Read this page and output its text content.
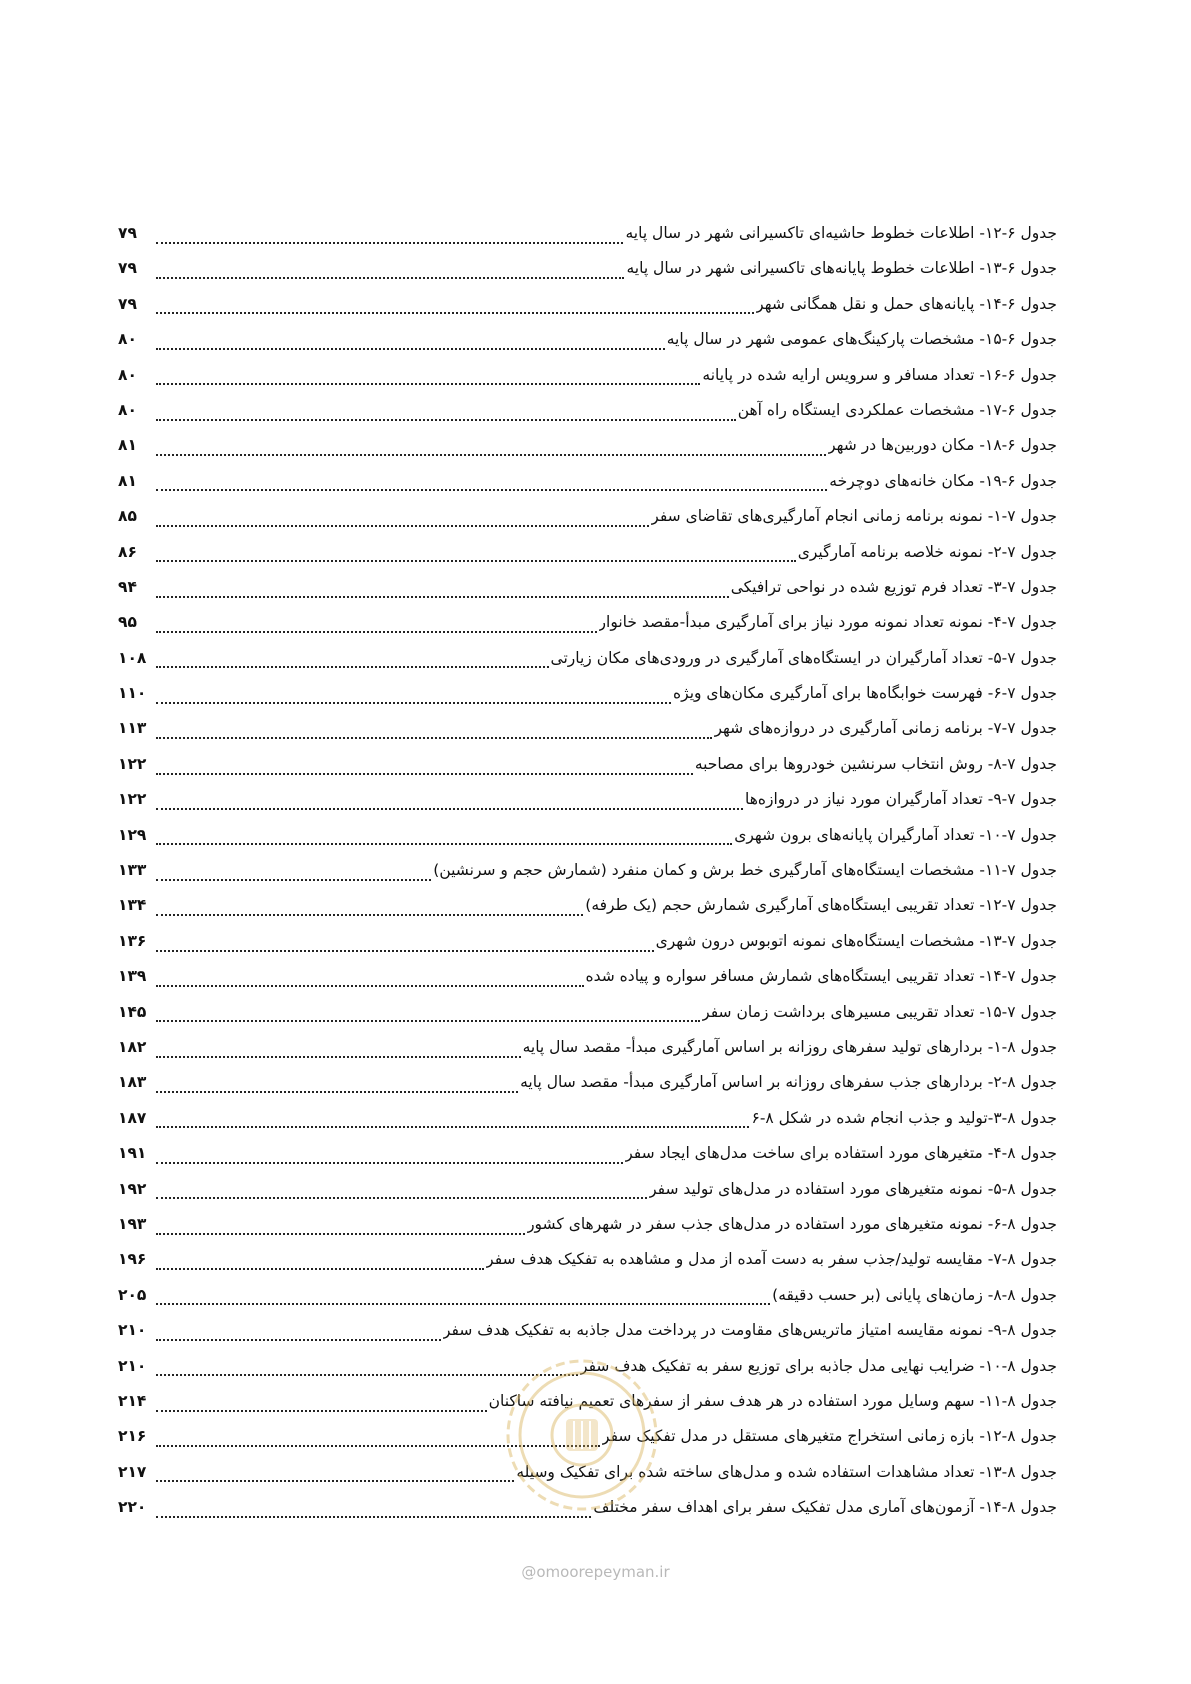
جدول ۶-۱۲- اطلاعات خطوط حاشیه‌ای تاکسیرانی شهر در سال پایه
۷۹
جدول ۶-۱۳- اطلاعات خطوط پایانه‌های تاکسیرانی شهر در سال پایه
۷۹
جدول ۶-۱۴- پایانه‌های حمل و نقل همگانی شهر
۷۹
جدول ۶-۱۵- مشخصات پارکینگ‌های عمومی شهر در سال پایه
۸۰
جدول ۶-۱۶- تعداد مسافر و سرویس ارایه شده در پایانه
۸۰
جدول ۶-۱۷- مشخصات عملکردی ایستگاه راه آهن
۸۰
جدول ۶-۱۸- مکان دوربین‌ها در شهر
۸۱
جدول ۶-۱۹- مکان خانه‌های دوچرخه
۸۱
جدول ۷-۱- نمونه برنامه زمانی انجام آمارگیری‌های تقاضای سفر
۸۵
جدول ۷-۲- نمونه خلاصه برنامه آمارگیری
۸۶
جدول ۷-۳- تعداد فرم توزیع شده در نواحی ترافیکی
۹۴
جدول ۷-۴- نمونه تعداد نمونه مورد نیاز برای آمارگیری مبدأ-مقصد خانوار
۹۵
جدول ۷-۵- تعداد آمارگیران در ایستگاه‌های آمارگیری در ورودی‌های مکان زیارتی
۱۰۸
جدول ۷-۶- فهرست خوابگاه‌ها برای آمارگیری مکان‌های ویژه
۱۱۰
جدول ۷-۷- برنامه زمانی آمارگیری در دروازه‌های شهر
۱۱۳
جدول ۷-۸- روش انتخاب سرنشین خودروها برای مصاحبه
۱۲۲
جدول ۷-۹- تعداد آمارگیران مورد نیاز در دروازه‌ها
۱۲۲
جدول ۷-۱۰- تعداد آمارگیران پایانه‌های برون شهری
۱۲۹
جدول ۷-۱۱- مشخصات ایستگاه‌های آمارگیری خط برش و کمان منفرد (شمارش حجم و سرنشین)
۱۳۳
جدول ۷-۱۲- تعداد تقریبی ایستگاه‌های آمارگیری شمارش حجم (یک طرفه)
۱۳۴
جدول ۷-۱۳- مشخصات ایستگاه‌های نمونه اتوبوس درون شهری
۱۳۶
جدول ۷-۱۴- تعداد تقریبی ایستگاه‌های شمارش مسافر سواره و پیاده شده
۱۳۹
جدول ۷-۱۵- تعداد تقریبی مسیرهای برداشت زمان سفر
۱۴۵
جدول ۸-۱- بردارهای تولید سفرهای روزانه بر اساس آمارگیری مبدأ- مقصد سال پایه
۱۸۲
جدول ۸-۲- بردارهای جذب سفرهای روزانه بر اساس آمارگیری مبدأ- مقصد سال پایه
۱۸۳
جدول ۸-۳-تولید و جذب انجام شده در شکل ۸-۶
۱۸۷
جدول ۸-۴- متغیرهای مورد استفاده برای ساخت مدل‌های ایجاد سفر
۱۹۱
جدول ۸-۵- نمونه متغیرهای مورد استفاده در مدل‌های تولید سفر
۱۹۲
جدول ۸-۶- نمونه متغیرهای مورد استفاده در مدل‌های جذب سفر در شهرهای کشور
۱۹۳
جدول ۸-۷- مقایسه تولید/جذب سفر به دست آمده از مدل و مشاهده به تفکیک هدف سفر
۱۹۶
جدول ۸-۸- زمان‌های پایانی (بر حسب دقیقه)
۲۰۵
جدول ۸-۹- نمونه مقایسه امتیاز ماتریس‌های مقاومت در پرداخت مدل جاذبه به تفکیک هدف سفر
۲۱۰
جدول ۸-۱۰- ضرایب نهایی مدل جاذبه برای توزیع سفر به تفکیک هدف سفر
۲۱۰
جدول ۸-۱۱- سهم وسایل مورد استفاده در هر هدف سفر از سفرهای تعمیم نیافته ساکنان
۲۱۴
جدول ۸-۱۲- بازه زمانی استخراج متغیرهای مستقل در مدل تفکیک سفر
۲۱۶
جدول ۸-۱۳- تعداد مشاهدات استفاده شده و مدل‌های ساخته شده برای تفکیک وسیله
۲۱۷
جدول ۸-۱۴- آزمون‌های آماری مدل تفکیک سفر برای اهداف سفر مختلف
۲۲۰
@omoorepeyman.ir
